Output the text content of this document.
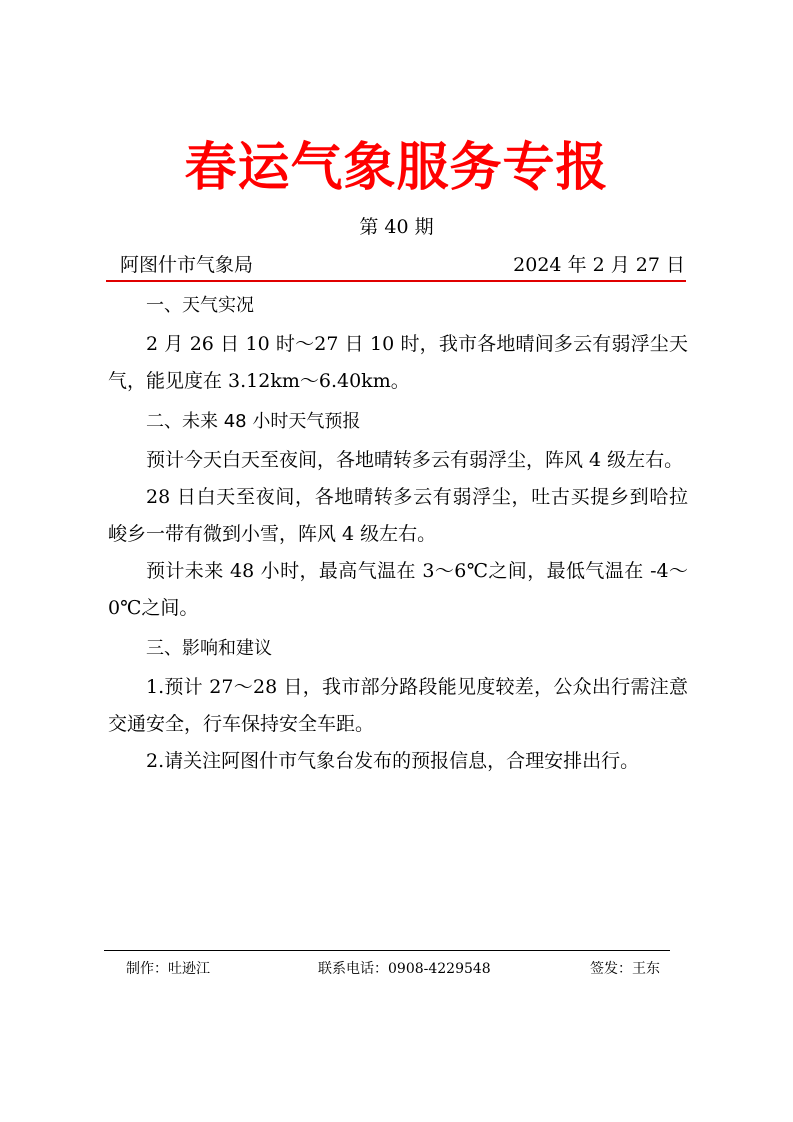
春运气象服务专报
第 40 期
阿图什市气象局	2024 年 2 月 27 日
一、天气实况

2 月 26 日 10 时～27 日 10 时，我市各地晴间多云有弱浮尘天气，能见度在 3.12km～6.40km。

二、未来 48 小时天气预报

预计今天白天至夜间，各地晴转多云有弱浮尘，阵风 4 级左右。

28 日白天至夜间，各地晴转多云有弱浮尘，吐古买提乡到哈拉峻乡一带有微到小雪，阵风 4 级左右。

预计未来 48 小时，最高气温在 3～6℃之间，最低气温在 -4～0℃之间。

三、影响和建议

1.预计 27～28 日，我市部分路段能见度较差，公众出行需注意交通安全，行车保持安全车距。

2.请关注阿图什市气象台发布的预报信息，合理安排出行。

制作：吐逊江	联系电话：0908-4229548	签发：王东
